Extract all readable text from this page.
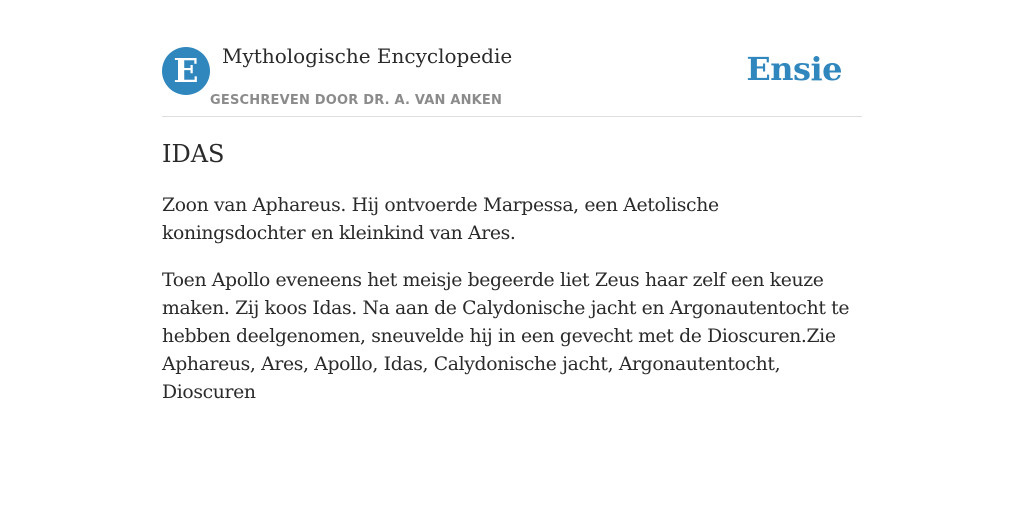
E	Mythologische Encyclopedie
GESCHREVEN DOOR DR. A. VAN ANKEN
Ensie
IDAS

Zoon van Aphareus. Hij ontvoerde Marpessa, een Aetolische koningsdochter en kleinkind van Ares.

Toen Apollo eveneens het meisje begeerde liet Zeus haar zelf een keuze maken. Zij koos Idas. Na aan de Calydonische jacht en Argonautentocht te hebben deelgenomen, sneuvelde hij in een gevecht met de Dioscuren.Zie Aphareus, Ares, Apollo, Idas, Calydonische jacht, Argonautentocht, Dioscuren
